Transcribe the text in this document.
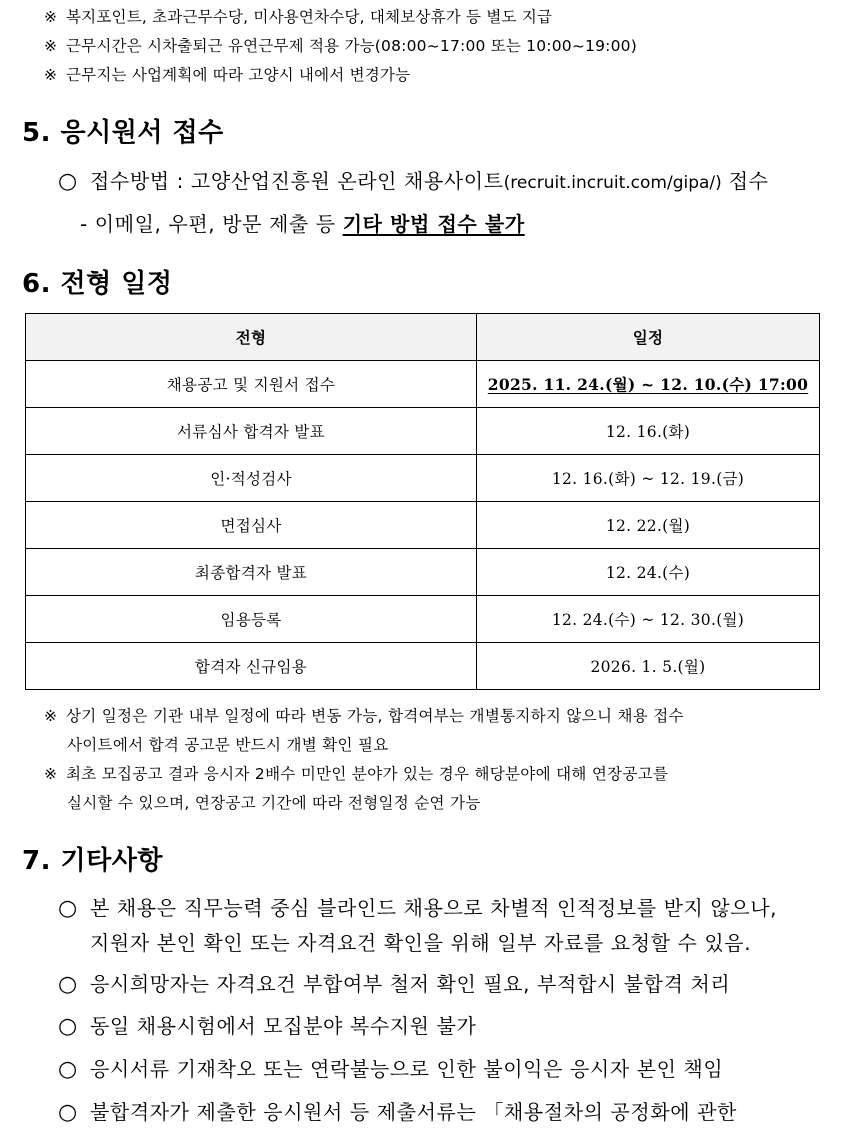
※ 복지포인트, 초과근무수당, 미사용연차수당, 대체보상휴가 등 별도 지급
※ 근무시간은 시차출퇴근 유연근무제 적용 가능(08:00~17:00 또는 10:00~19:00)
※ 근무지는 사업계획에 따라 고양시 내에서 변경가능
5. 응시원서 접수
○ 접수방법 : 고양산업진흥원 온라인 채용사이트(recruit.incruit.com/gipa/) 접수
- 이메일, 우편, 방문 제출 등 기타 방법 접수 불가
6. 전형 일정
전형	일정
채용공고 및 지원서 접수	2025. 11. 24.(월) ~ 12. 10.(수) 17:00
서류심사 합격자 발표	12. 16.(화)
인·적성검사	12. 16.(화) ~ 12. 19.(금)
면접심사	12. 22.(월)
최종합격자 발표	12. 24.(수)
임용등록	12. 24.(수) ~ 12. 30.(월)
합격자 신규임용	2026. 1. 5.(월)
※ 상기 일정은 기관 내부 일정에 따라 변동 가능, 합격여부는 개별통지하지 않으니 채용 접수
사이트에서 합격 공고문 반드시 개별 확인 필요
※ 최초 모집공고 결과 응시자 2배수 미만인 분야가 있는 경우 해당분야에 대해 연장공고를
실시할 수 있으며, 연장공고 기간에 따라 전형일정 순연 가능
7. 기타사항
○ 본 채용은 직무능력 중심 블라인드 채용으로 차별적 인적정보를 받지 않으나,
지원자 본인 확인 또는 자격요건 확인을 위해 일부 자료를 요청할 수 있음.
○ 응시희망자는 자격요건 부합여부 철저 확인 필요, 부적합시 불합격 처리
○ 동일 채용시험에서 모집분야 복수지원 불가
○ 응시서류 기재착오 또는 연락불능으로 인한 불이익은 응시자 본인 책임
○ 불합격자가 제출한 응시원서 등 제출서류는 「채용절차의 공정화에 관한
